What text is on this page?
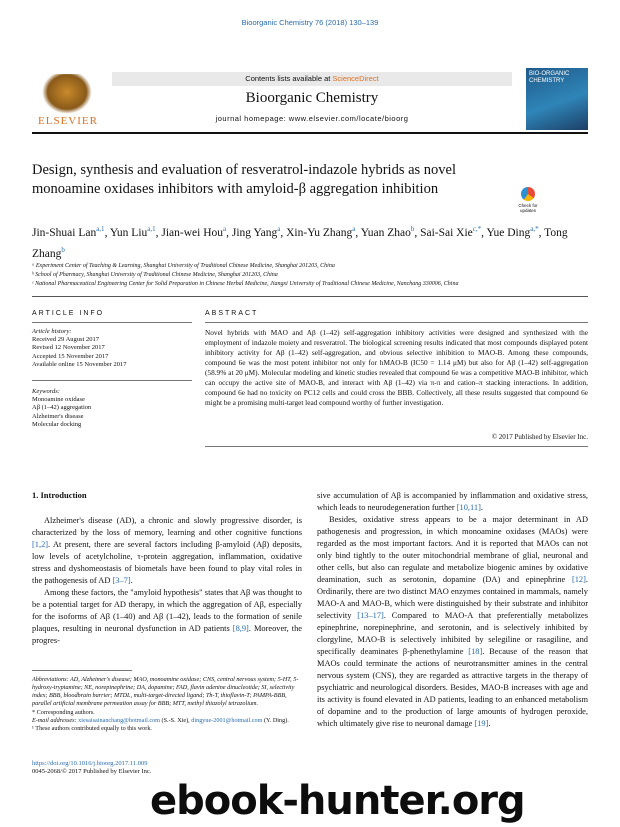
Bioorganic Chemistry 76 (2018) 130–139
ELSEVIER
Contents lists available at ScienceDirect
Bioorganic Chemistry
journal homepage: www.elsevier.com/locate/bioorg
BIO-ORGANIC CHEMISTRY
Design, synthesis and evaluation of resveratrol-indazole hybrids as novel
monoamine oxidases inhibitors with amyloid-β aggregation inhibition
Check for updates
Jin-Shuai Lan$^{a,1}$, Yun Liu$^{a,1}$, Jian-wei Hou$^a$, Jing Yang$^a$, Xin-Yu Zhang$^a$, Yuan Zhao$^b$, Sai-Sai Xie$^{c,*}$, Yue Ding$^{a,*}$, Tong Zhang$^b$
ᵃ Experiment Center of Teaching & Learning, Shanghai University of Traditional Chinese Medicine, Shanghai 201203, China
ᵇ School of Pharmacy, Shanghai University of Traditional Chinese Medicine, Shanghai 201203, China
ᶜ National Pharmaceutical Engineering Center for Solid Preparation in Chinese Herbal Medicine, Jiangxi University of Traditional Chinese Medicine, Nanchang 330006, China
ARTICLE INFO
Article history:
Received 29 August 2017
Revised 12 November 2017
Accepted 15 November 2017
Available online 15 November 2017
Keywords:
Monoamine oxidase
Aβ (1–42) aggregation
Alzheimer's disease
Molecular docking
ABSTRACT
Novel hybrids with MAO and Aβ (1–42) self-aggregation inhibitory activities were designed and synthesized with the employment of indazole moiety and resveratrol. The biological screening results indicated that most compounds displayed potent inhibitory activity for Aβ (1–42) self-aggregation, and obvious selective inhibition to MAO-B. Among these compounds, compound 6e was the most potent inhibitor not only for hMAO-B (IC50 = 1.14 μM) but also for Aβ (1–42) self-aggregation (58.9% at 20 μM). Molecular modeling and kinetic studies revealed that compound 6e was a competitive MAO-B inhibitor, which can occupy the active site of MAO-B, and interact with Aβ (1–42) via π-π and cation–π stacking interactions. In addition, compound 6e had no toxicity on PC12 cells and could cross the BBB. Collectively, all these results suggested that compound 6e might be a promising multi-target lead compound worthy of further investigation.
© 2017 Published by Elsevier Inc.
1. Introduction
Alzheimer's disease (AD), a chronic and slowly progressive disorder, is characterized by the loss of memory, learning and other cognitive functions [1,2]. At present, there are several factors including β-amyloid (Aβ) deposits, low levels of acetylcholine, τ-protein aggregation, inflammation, oxidative stress and dyshomeostasis of biometals have been found to play vital roles in the pathogenesis of AD [3–7].
Among these factors, the "amyloid hypothesis" states that Aβ was thought to be a potential target for AD therapy, in which the aggregation of Aβ, especially for the isoforms of Aβ (1–40) and Aβ (1–42), leads to the formation of senile plaques, resulting in neuronal dysfunction in AD patients [8,9]. Moreover, the progres-
sive accumulation of Aβ is accompanied by inflammation and oxidative stress, which leads to neurodegeneration further [10,11].
Besides, oxidative stress appears to be a major determinant in AD pathogenesis and progression, in which monoamine oxidases (MAOs) were regarded as the most important factors. And it is reported that MAOs can not only bind tightly to the outer mitochondrial membrane of glial, neuronal and other cells, but also can regulate and metabolize biogenic amines by oxidative deamination, such as serotonin, dopamine (DA) and epinephrine [12]. Ordinarily, there are two distinct MAO enzymes contained in mammals, namely MAO-A and MAO-B, which were distinguished by their substrate and inhibitor selectivity [13–17]. Compared to MAO-A that preferentially metabolizes epinephrine, norepinephrine, and serotonin, and is selectively inhibited by clorgyline, MAO-B is selectively inhibited by selegiline or rasagiline, and specifically deaminates β-phenethylamine [18]. Because of the reason that MAOs could terminate the actions of neurotransmitter amines in the central nervous system (CNS), they are regarded as attractive targets in the therapy of psychiatric and neurological disorders. Besides, MAO-B increases with age and its activity is found elevated in AD patients, leading to an enhanced metabolism of dopamine and to the production of large amounts of hydrogen peroxide, which ultimately give rise to neuronal damage [19].
Abbreviations: AD, Alzheimer's disease; MAO, monoamine oxidase; CNS, central nervous system; 5-HT, 5-hydroxy-tryptamine; NE, norepinephrine; DA, dopamine; FAD, flavin adenine dinucleotide; SI, selectivity index; BBB, bloodbrain barrier; MTDL, multi-target-directed ligand; Th-T, thioflavin-T; PAMPA-BBB, parallel artificial membrane permeation assay for BBB; MTT, methyl thiazolyl tetrazolium.
* Corresponding authors.
E-mail addresses: xiesaisainanchang@hotmail.com (S.-S. Xie), dingyue-2001@hotmail.com (Y. Ding).
¹ These authors contributed equally to this work.
https://doi.org/10.1016/j.bioorg.2017.11.009
0045-2068/© 2017 Published by Elsevier Inc.
ebook-hunter.org
